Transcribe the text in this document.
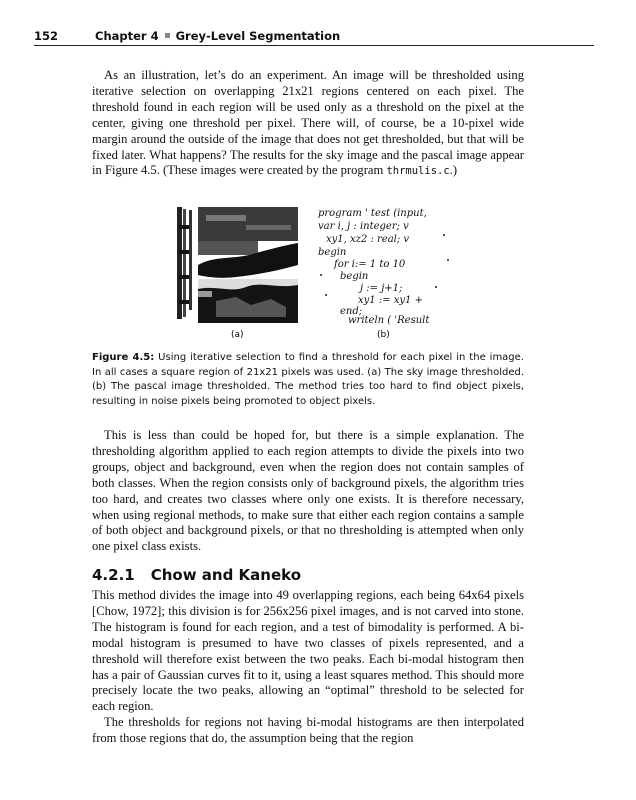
152	Chapter 4 Grey-Level Segmentation

As an illustration, let’s do an experiment. An image will be thresholded using iterative selection on overlapping 21x21 regions centered on each pixel. The threshold found in each region will be used only as a threshold on the pixel at the center, giving one threshold per pixel. There will, of course, be a 10-pixel wide margin around the outside of the image that does not get thresholded, but that will be fixed later. What happens? The results for the sky image and the pascal image appear in Figure 4.5. (These images were created by the program thrmulis.c.)

program ' test (input,
var i, j : integer; v
xy1, xz2 : real; v
begin
for i:= 1 to 10
begin
j := j+1;
xy1 := xy1 +
end;
writeln ( 'Result
(a)	(b)
Figure 4.5: Using iterative selection to find a threshold for each pixel in the image. In all cases a square region of 21x21 pixels was used. (a) The sky image thresholded. (b) The pascal image thresholded. The method tries too hard to find object pixels, resulting in noise pixels being promoted to object pixels.

This is less than could be hoped for, but there is a simple explanation. The thresholding algorithm applied to each region attempts to divide the pixels into two groups, object and background, even when the region does not contain samples of both classes. When the region consists only of background pixels, the algorithm tries too hard, and creates two classes where only one exists. It is therefore necessary, when using regional methods, to make sure that either each region contains a sample of both object and background pixels, or that no thresholding is attempted when only one pixel class exists.

4.2.1 Chow and Kaneko

This method divides the image into 49 overlapping regions, each being 64x64 pixels [Chow, 1972]; this division is for 256x256 pixel images, and is not carved into stone. The histogram is found for each region, and a test of bimodality is performed. A bi-modal histogram is presumed to have two classes of pixels represented, and a threshold will therefore exist between the two peaks. Each bi-modal histogram then has a pair of Gaussian curves fit to it, using a least squares method. This should more precisely locate the two peaks, allowing an “optimal” threshold to be selected for each region.

The thresholds for regions not having bi-modal histograms are then interpolated from those regions that do, the assumption being that the region
